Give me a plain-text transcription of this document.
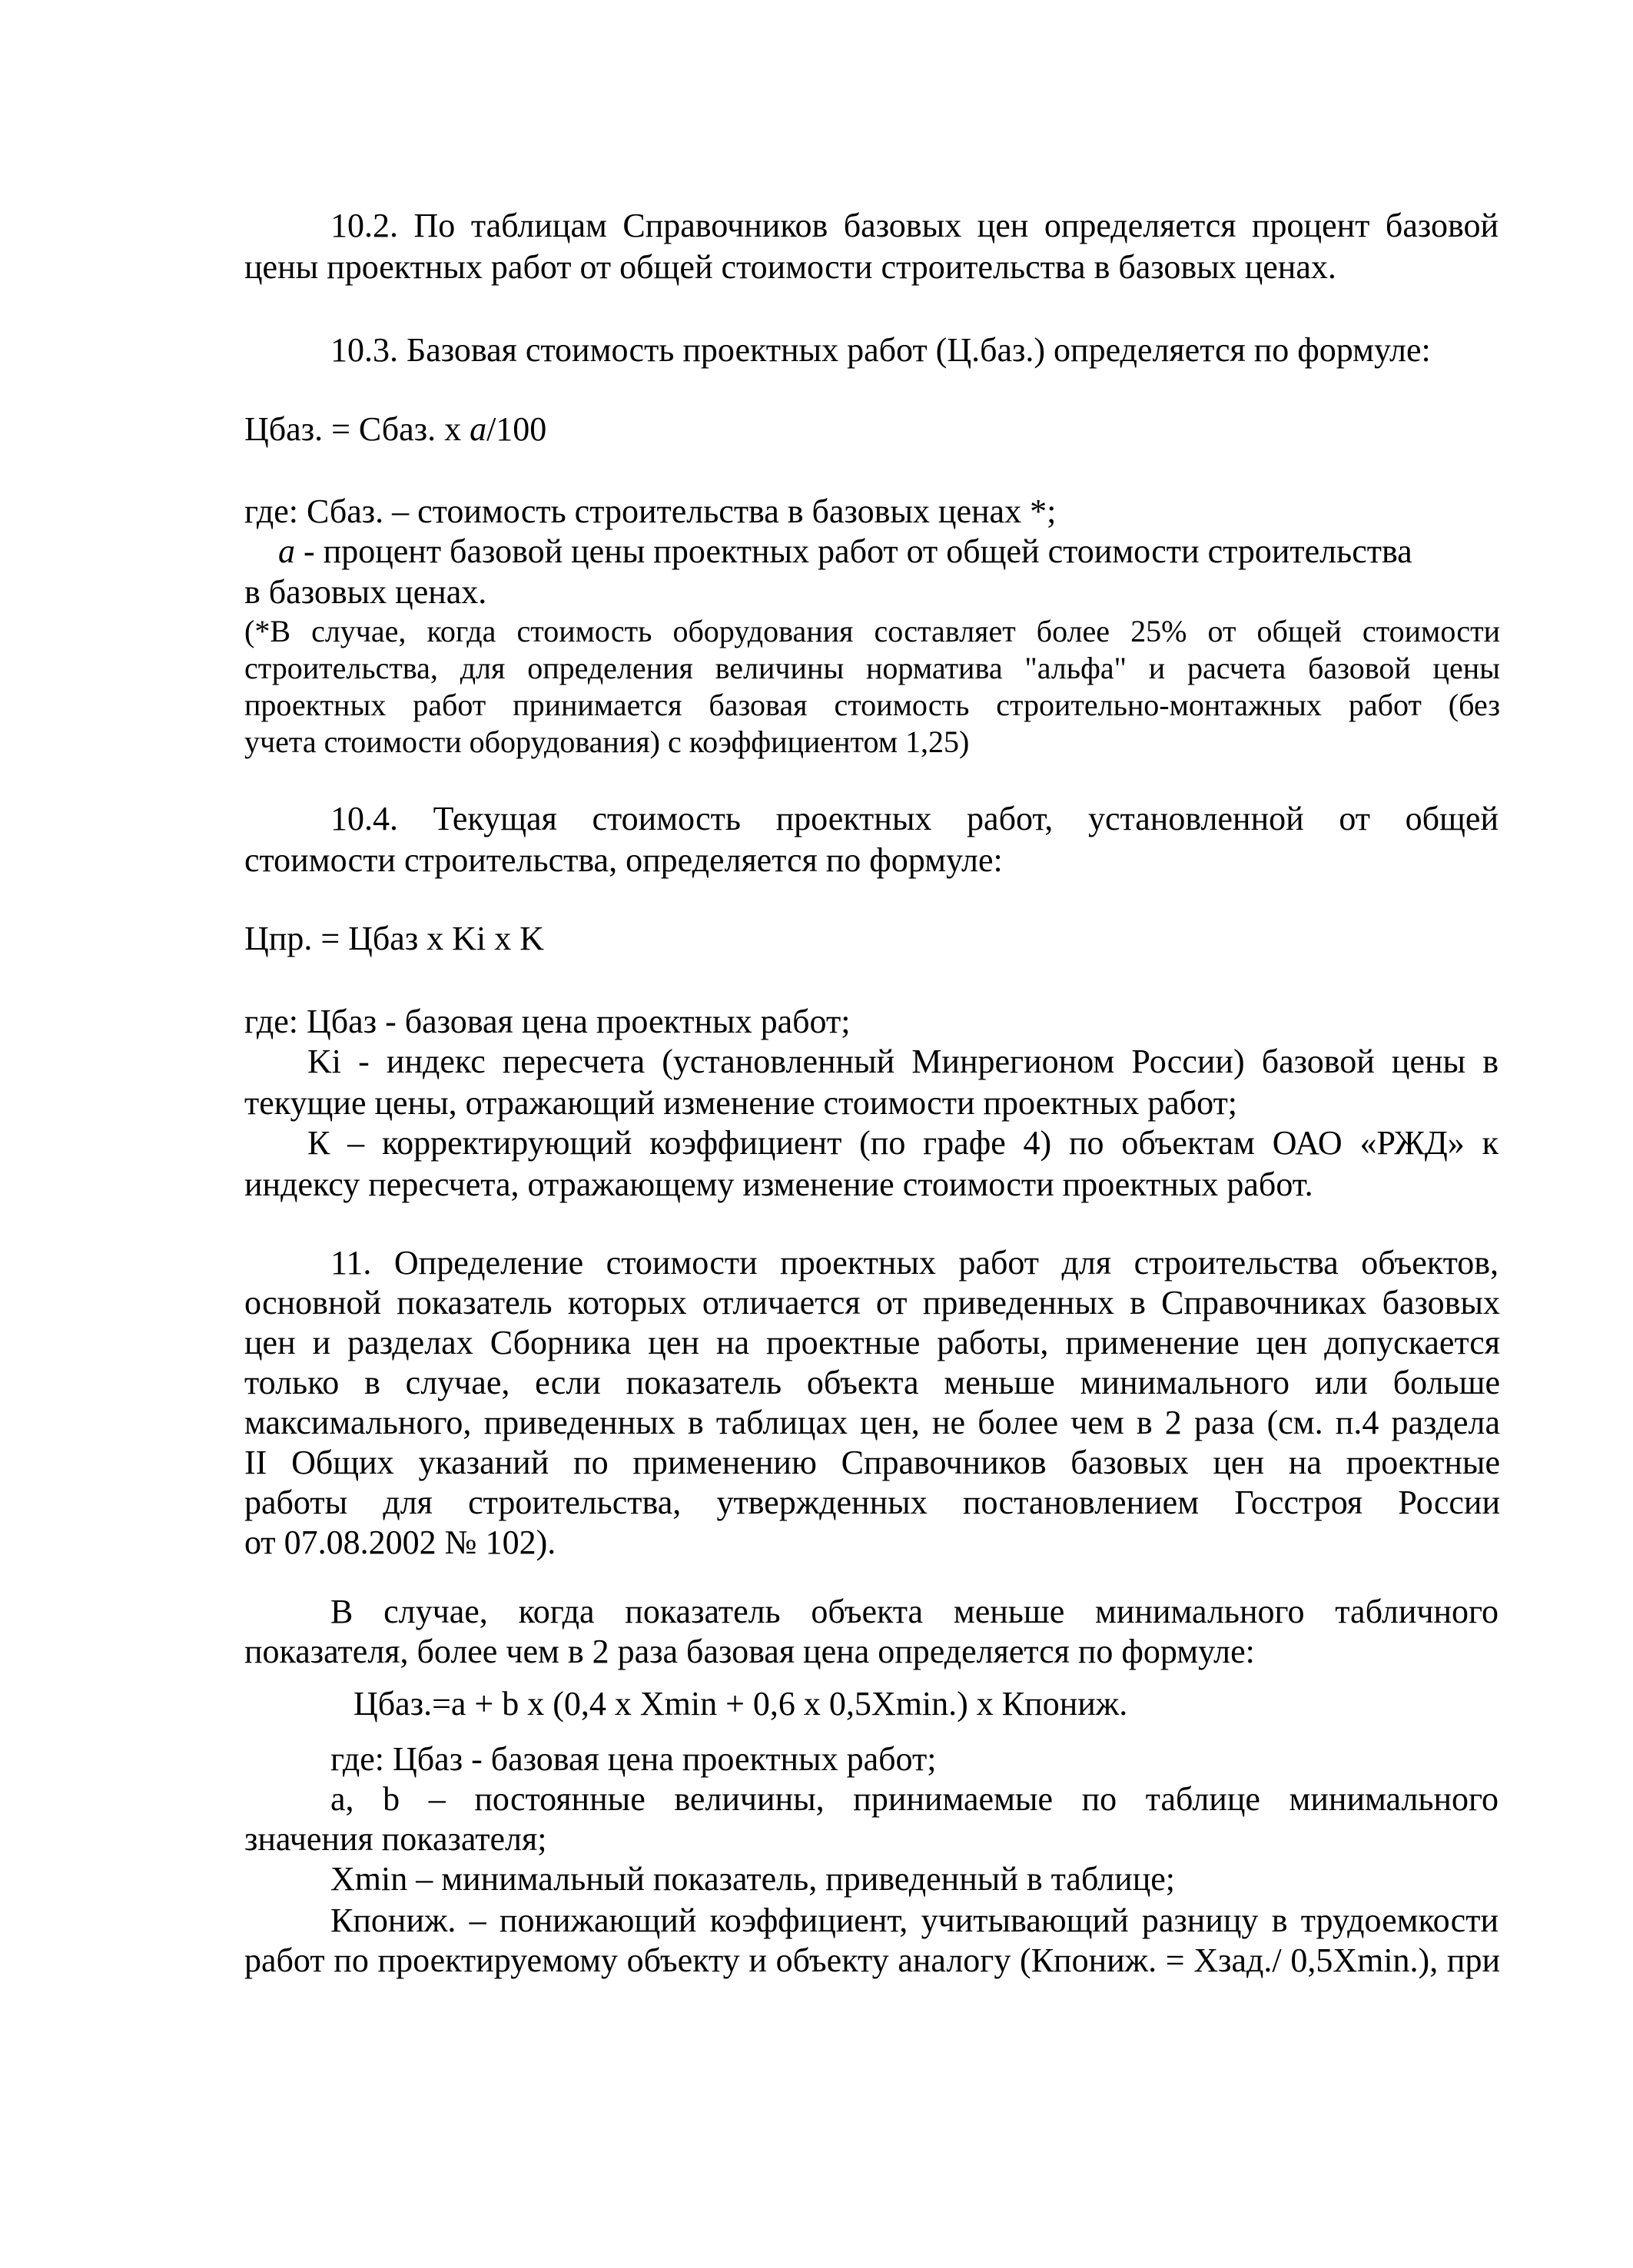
10.2. По таблицам Справочников базовых цен определяется процент базовой
цены проектных работ от общей стоимости строительства в базовых ценах.
10.3. Базовая стоимость проектных работ (Ц.баз.) определяется по формуле:
Цбаз. = Сбаз. х a/100
где: Сбаз. – стоимость строительства в базовых ценах *;
a - процент базовой цены проектных работ от общей стоимости строительства
в базовых ценах.
(*В случае, когда стоимость оборудования составляет более 25% от общей стоимости
строительства, для определения величины норматива "альфа" и расчета базовой цены
проектных работ принимается базовая стоимость строительно-монтажных работ (без
учета стоимости оборудования) с коэффициентом 1,25)
10.4. Текущая стоимость проектных работ, установленной от общей
стоимости строительства, определяется по формуле:
Цпр. = Цбаз х Ki х K
где: Цбаз - базовая цена проектных работ;
Ki - индекс пересчета (установленный Минрегионом России) базовой цены в
текущие цены, отражающий изменение стоимости проектных работ;
К – корректирующий коэффициент (по графе 4) по объектам ОАО «РЖД» к
индексу пересчета, отражающему изменение стоимости проектных работ.
11. Определение стоимости проектных работ для строительства объектов,
основной показатель которых отличается от приведенных в Справочниках базовых
цен и разделах Сборника цен на проектные работы, применение цен допускается
только в случае, если показатель объекта меньше минимального или больше
максимального, приведенных в таблицах цен, не более чем в 2 раза (см. п.4 раздела
II Общих указаний по применению Справочников базовых цен на проектные
работы для строительства, утвержденных постановлением Госстроя России
от 07.08.2002 № 102).
В случае, когда показатель объекта меньше минимального табличного
показателя, более чем в 2 раза базовая цена определяется по формуле:
Цбаз.=a + b x (0,4 x Xmin + 0,6 x 0,5Xmin.) x Кпониж.
где: Цбаз - базовая цена проектных работ;
a, b – постоянные величины, принимаемые по таблице минимального
значения показателя;
Xmin – минимальный показатель, приведенный в таблице;
Кпониж. – понижающий коэффициент, учитывающий разницу в трудоемкости
работ по проектируемому объекту и объекту аналогу (Кпониж. = Хзад./ 0,5Xmin.), при
